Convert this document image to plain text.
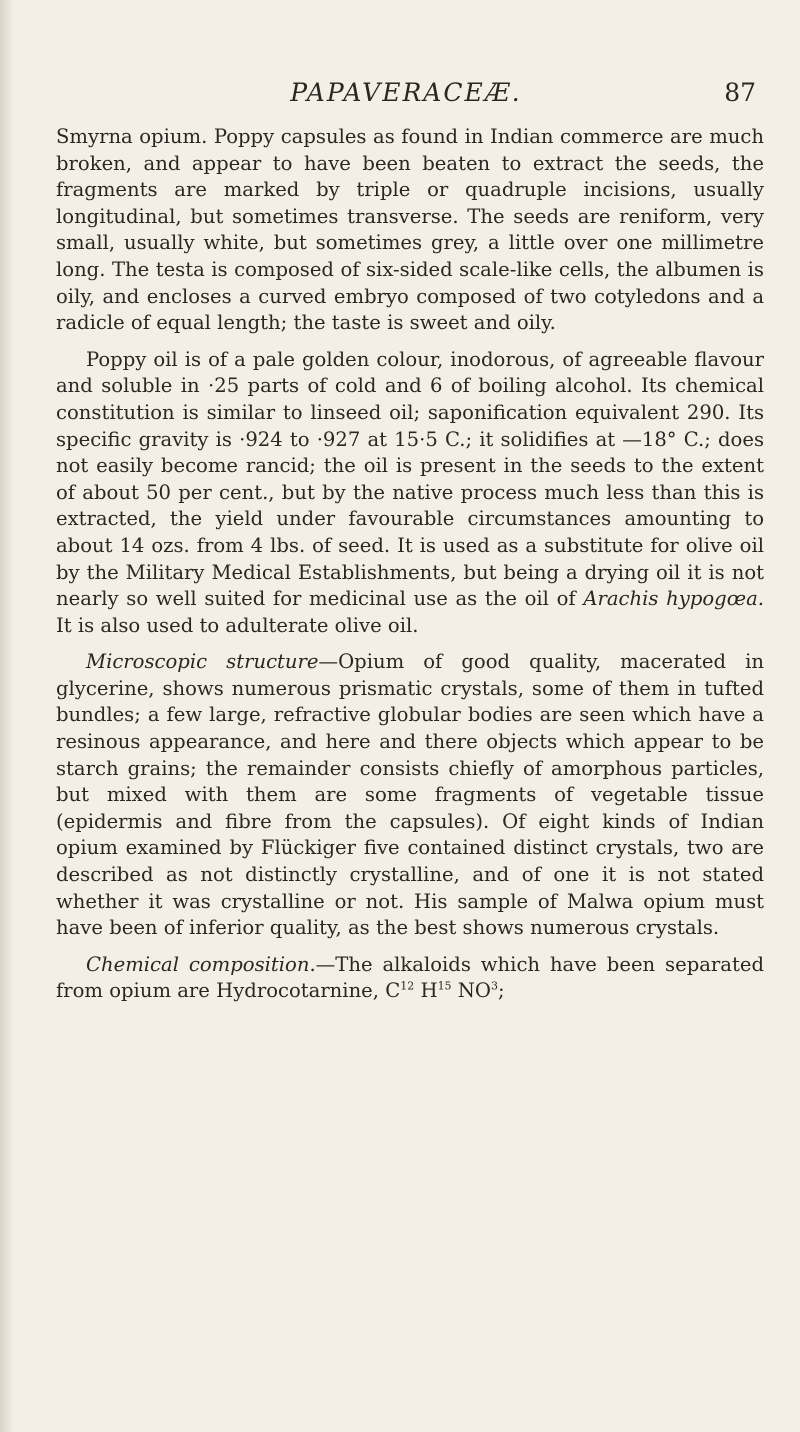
PAPAVERACEÆ.	87

Smyrna opium. Poppy capsules as found in Indian commerce are much broken, and appear to have been beaten to extract the seeds, the fragments are marked by triple or quadruple incisions, usually longitudinal, but sometimes transverse. The seeds are reniform, very small, usually white, but sometimes grey, a little over one millimetre long. The testa is composed of six-sided scale-like cells, the albumen is oily, and encloses a curved embryo composed of two cotyledons and a radicle of equal length; the taste is sweet and oily.

Poppy oil is of a pale golden colour, inodorous, of agreeable flavour and soluble in ·25 parts of cold and 6 of boiling alcohol. Its chemical constitution is similar to linseed oil; saponification equivalent 290. Its specific gravity is ·924 to ·927 at 15·5 C.; it solidifies at —18° C.; does not easily become rancid; the oil is present in the seeds to the extent of about 50 per cent., but by the native process much less than this is extracted, the yield under favourable circumstances amounting to about 14 ozs. from 4 lbs. of seed. It is used as a substitute for olive oil by the Military Medical Establishments, but being a drying oil it is not nearly so well suited for medicinal use as the oil of Arachis hypogœa. It is also used to adulterate olive oil.

Microscopic structure—Opium of good quality, macerated in glycerine, shows numerous prismatic crystals, some of them in tufted bundles; a few large, refractive globular bodies are seen which have a resinous appearance, and here and there objects which appear to be starch grains; the remainder consists chiefly of amorphous particles, but mixed with them are some fragments of vegetable tissue (epidermis and fibre from the capsules). Of eight kinds of Indian opium examined by Flückiger five contained distinct crystals, two are described as not distinctly crystalline, and of one it is not stated whether it was crystalline or not. His sample of Malwa opium must have been of inferior quality, as the best shows numerous crystals.

Chemical composition.—The alkaloids which have been separated from opium are Hydrocotarnine, $C^{12}$ $H^{15}$ $NO^3$;
